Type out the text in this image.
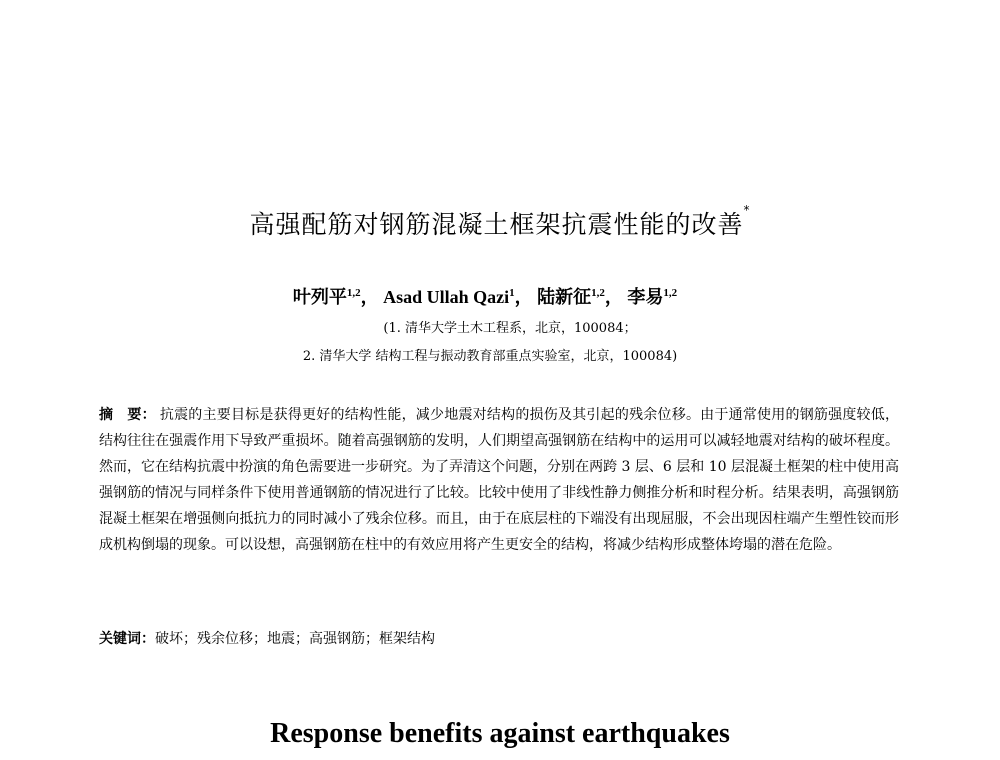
高强配筋对钢筋混凝土框架抗震性能的改善*
叶列平$^{1,2}$， Asad Ullah Qazi$^1$， 陆新征$^{1,2}$， 李易$^{1,2}$
(1. 清华大学土木工程系，北京，100084；
2. 清华大学 结构工程与振动教育部重点实验室，北京，100084)
摘　要： 抗震的主要目标是获得更好的结构性能，减少地震对结构的损伤及其引起的残余位移。由于通常使用的钢筋强度较低，结构往往在强震作用下导致严重损坏。随着高强钢筋的发明，人们期望高强钢筋在结构中的运用可以减轻地震对结构的破坏程度。然而，它在结构抗震中扮演的角色需要进一步研究。为了弄清这个问题，分别在两跨 3 层、6 层和 10 层混凝土框架的柱中使用高强钢筋的情况与同样条件下使用普通钢筋的情况进行了比较。比较中使用了非线性静力侧推分析和时程分析。结果表明，高强钢筋混凝土框架在增强侧向抵抗力的同时减小了残余位移。而且，由于在底层柱的下端没有出现屈服，不会出现因柱端产生塑性铰而形成机构倒塌的现象。可以设想，高强钢筋在柱中的有效应用将产生更安全的结构，将减少结构形成整体垮塌的潜在危险。
关键词：破坏；残余位移；地震；高强钢筋；框架结构
Response benefits against earthquakes
